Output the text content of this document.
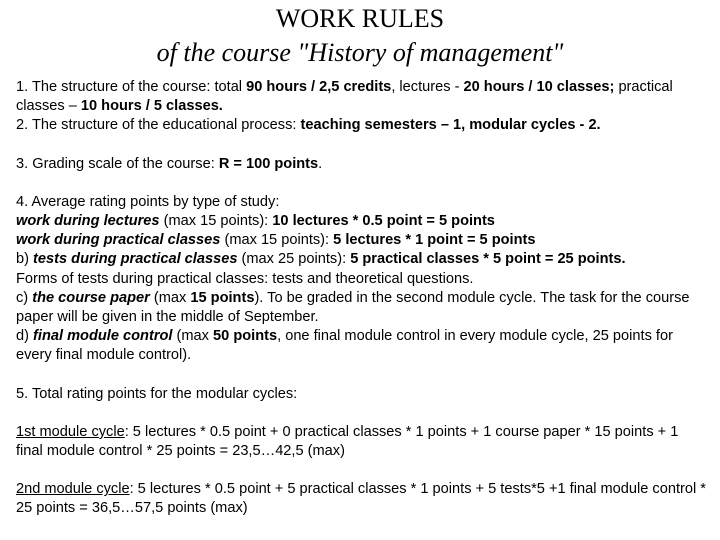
WORK RULES
of the course "History of management"

1. The structure of the course: total 90 hours / 2,5 credits, lectures - 20 hours / 10 classes; practical classes – 10 hours / 5 classes.

2. The structure of the educational process: teaching semesters – 1, modular cycles - 2.

3. Grading scale of the course: R = 100 points.

4. Average rating points by type of study:

work during lectures (max 15 points): 10 lectures * 0.5 point = 5 points

work during practical classes (max 15 points): 5 lectures * 1 point = 5 points

b) tests during practical classes (max 25 points): 5 practical classes * 5 point = 25 points.

Forms of tests during practical classes: tests and theoretical questions.

c) the course paper (max 15 points). To be graded in the second module cycle. The task for the course paper will be given in the middle of September.

d) final module control (max 50 points, one final module control in every module cycle, 25 points for every final module control).

5. Total rating points for the modular cycles:

1st module cycle: 5 lectures * 0.5 point + 0 practical classes * 1 points + 1 course paper * 15 points + 1 final module control * 25 points = 23,5…42,5 (max)

2nd module cycle: 5 lectures * 0.5 point + 5 practical classes * 1 points + 5 tests*5 +1 final module control * 25 points = 36,5…57,5 points (max)
